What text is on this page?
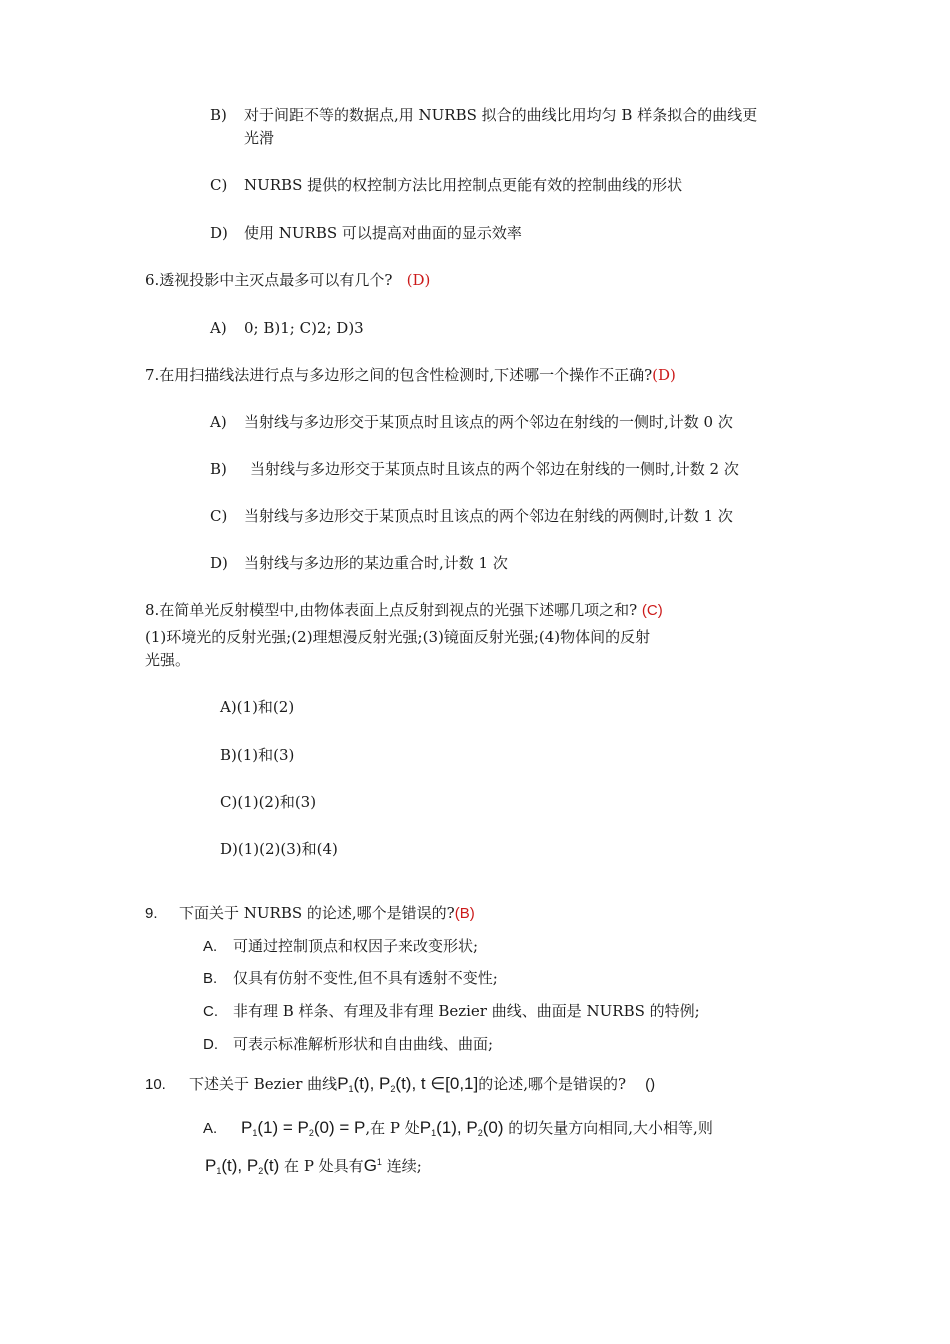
B) 对于间距不等的数据点,用 NURBS 拟合的曲线比用均匀 B 样条拟合的曲线更
光滑
C) NURBS 提供的权控制方法比用控制点更能有效的控制曲线的形状
D) 使用 NURBS 可以提高对曲面的显示效率
6.透视投影中主灭点最多可以有几个? (D)
A) 0; B)1; C)2; D)3
7.在用扫描线法进行点与多边形之间的包含性检测时,下述哪一个操作不正确?(D)
A) 当射线与多边形交于某顶点时且该点的两个邻边在射线的一侧时,计数 0 次
B) 当射线与多边形交于某顶点时且该点的两个邻边在射线的一侧时,计数 2 次
C) 当射线与多边形交于某顶点时且该点的两个邻边在射线的两侧时,计数 1 次
D) 当射线与多边形的某边重合时,计数 1 次
8.在简单光反射模型中,由物体表面上点反射到视点的光强下述哪几项之和? (C)
(1)环境光的反射光强;(2)理想漫反射光强;(3)镜面反射光强;(4)物体间的反射
光强。
A)(1)和(2)
B)(1)和(3)
C)(1)(2)和(3)
D)(1)(2)(3)和(4)
9. 下面关于 NURBS 的论述,哪个是错误的?(B)
A. 可通过控制顶点和权因子来改变形状;
B. 仅具有仿射不变性,但不具有透射不变性;
C. 非有理 B 样条、有理及非有理 Bezier 曲线、曲面是 NURBS 的特例;
D. 可表示标准解析形状和自由曲线、曲面;
10. 下述关于 Bezier 曲线$P_1(t)$, $P_2(t)$, t ∈[0,1]的论述,哪个是错误的? ()
A. $P_1(1) = P_2(0) = P$,在 P 处$P_1(1)$, $P_2(0)$ 的切矢量方向相同,大小相等,则
$P_1(t)$, $P_2(t)$ 在 P 处具有$G^1$ 连续;
